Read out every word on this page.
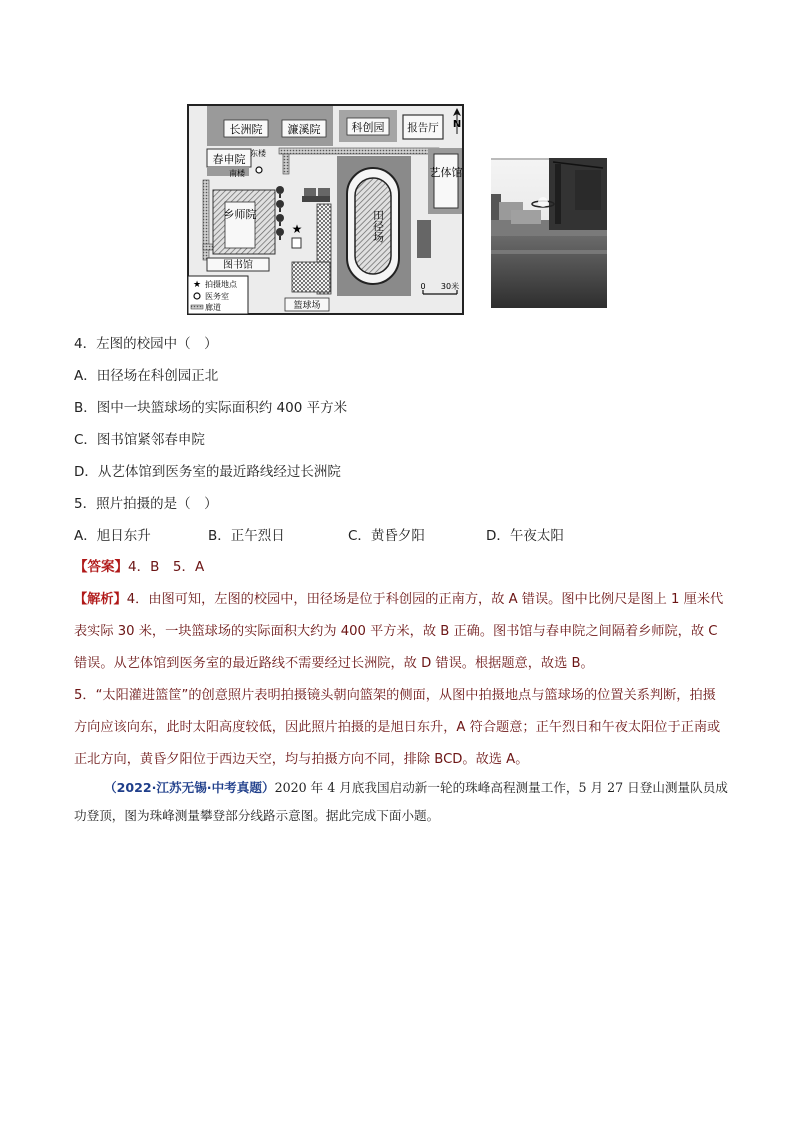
长洲院 濂溪院	科创园 报告厅 N
春申院 东楼
南楼
乡师院
图书馆
★	田径场
艺体馆
0 30米
篮球场
★ 拍摄地点
医务室
廊道
4．左图的校园中（　）
A．田径场在科创园正北
B．图中一块篮球场的实际面积约 400 平方米
C．图书馆紧邻春申院
D．从艺体馆到医务室的最近路线经过长洲院
5．照片拍摄的是（　）
A．旭日东升	B．正午烈日	C．黄昏夕阳	D．午夜太阳
【答案】4．B　5．A
【解析】4．由图可知，左图的校园中，田径场是位于科创园的正南方，故 A 错误。图中比例尺是图上 1 厘米代表实际 30 米，一块篮球场的实际面积大约为 400 平方米，故 B 正确。图书馆与春申院之间隔着乡师院，故 C 错误。从艺体馆到医务室的最近路线不需要经过长洲院，故 D 错误。根据题意，故选 B。
5．“太阳灌进篮筐”的创意照片表明拍摄镜头朝向篮架的侧面，从图中拍摄地点与篮球场的位置关系判断，拍摄方向应该向东，此时太阳高度较低，因此照片拍摄的是旭日东升，A 符合题意；正午烈日和午夜太阳位于正南或正北方向，黄昏夕阳位于西边天空，均与拍摄方向不同，排除 BCD。故选 A。
（2022·江苏无锡·中考真题）2020 年 4 月底我国启动新一轮的珠峰高程测量工作，5 月 27 日登山测量队员成功登顶，图为珠峰测量攀登部分线路示意图。据此完成下面小题。
